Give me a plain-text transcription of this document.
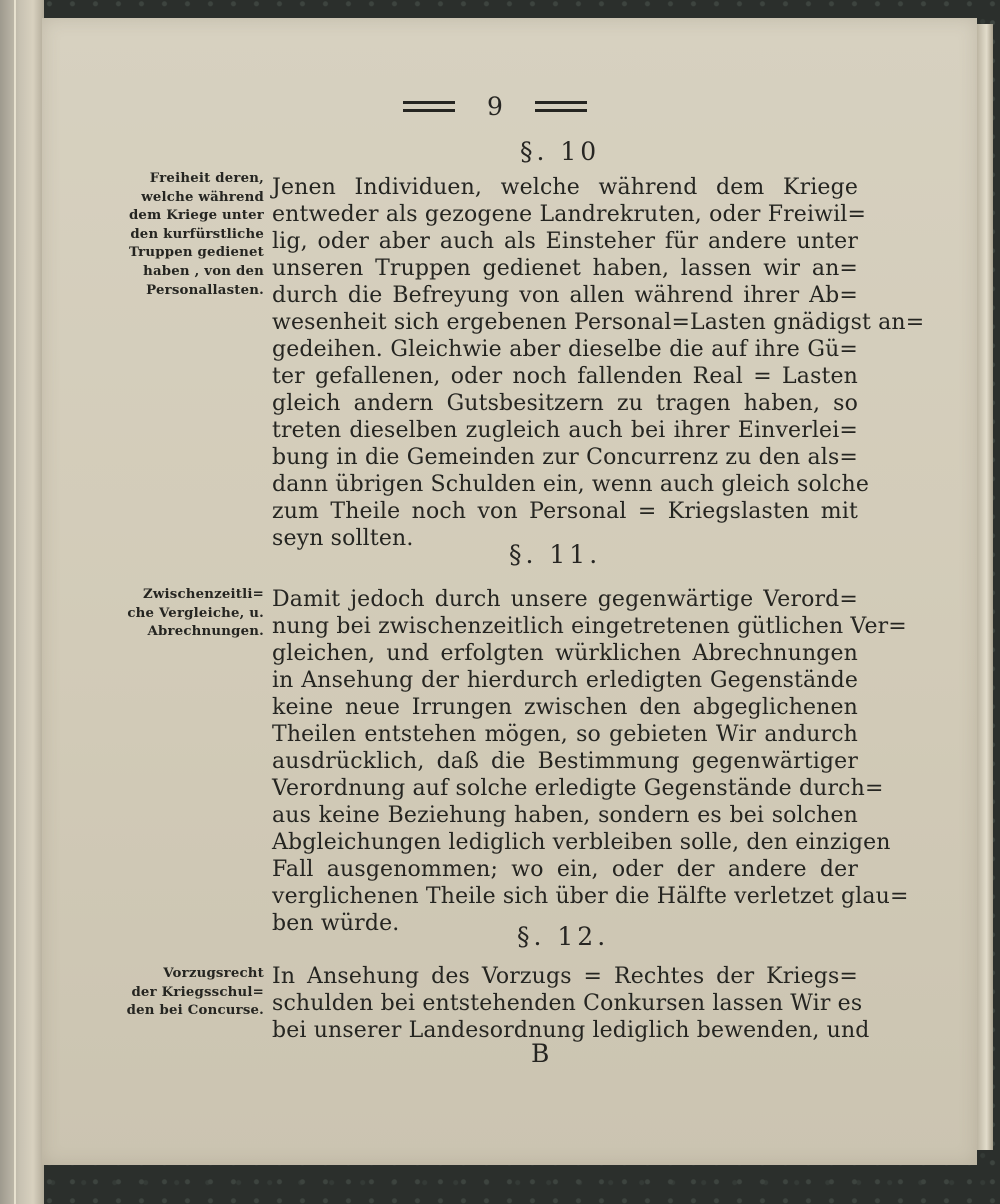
9
§. 10
Freiheit deren,
welche während
dem Kriege unter
den kurfürstliche
Truppen gedienet
haben , von den
Personallasten.
Jenen Individuen, welche während dem Kriege
entweder als gezogene Landrekruten, oder Freiwil=
lig, oder aber auch als Einsteher für andere unter
unseren Truppen gedienet haben, lassen wir an=
durch die Befreyung von allen während ihrer Ab=
wesenheit sich ergebenen Personal=Lasten gnädigst an=
gedeihen. Gleichwie aber dieselbe die auf ihre Gü=
ter gefallenen, oder noch fallenden Real = Lasten
gleich andern Gutsbesitzern zu tragen haben, so
treten dieselben zugleich auch bei ihrer Einverlei=
bung in die Gemeinden zur Concurrenz zu den als=
dann übrigen Schulden ein, wenn auch gleich solche
zum Theile noch von Personal = Kriegslasten mit
seyn sollten.
§. 11.
Zwischenzeitli=
che Vergleiche, u.
Abrechnungen.
Damit jedoch durch unsere gegenwärtige Verord=
nung bei zwischenzeitlich eingetretenen gütlichen Ver=
gleichen, und erfolgten würklichen Abrechnungen
in Ansehung der hierdurch erledigten Gegenstände
keine neue Irrungen zwischen den abgeglichenen
Theilen entstehen mögen, so gebieten Wir andurch
ausdrücklich, daß die Bestimmung gegenwärtiger
Verordnung auf solche erledigte Gegenstände durch=
aus keine Beziehung haben, sondern es bei solchen
Abgleichungen lediglich verbleiben solle, den einzigen
Fall ausgenommen; wo ein, oder der andere der
verglichenen Theile sich über die Hälfte verletzet glau=
ben würde.	§. 12.
Vorzugsrecht
der Kriegsschul=
den bei Concurse.
In Ansehung des Vorzugs = Rechtes der Kriegs=
schulden bei entstehenden Conkursen lassen Wir es
bei unserer Landesordnung lediglich bewenden, und
B
